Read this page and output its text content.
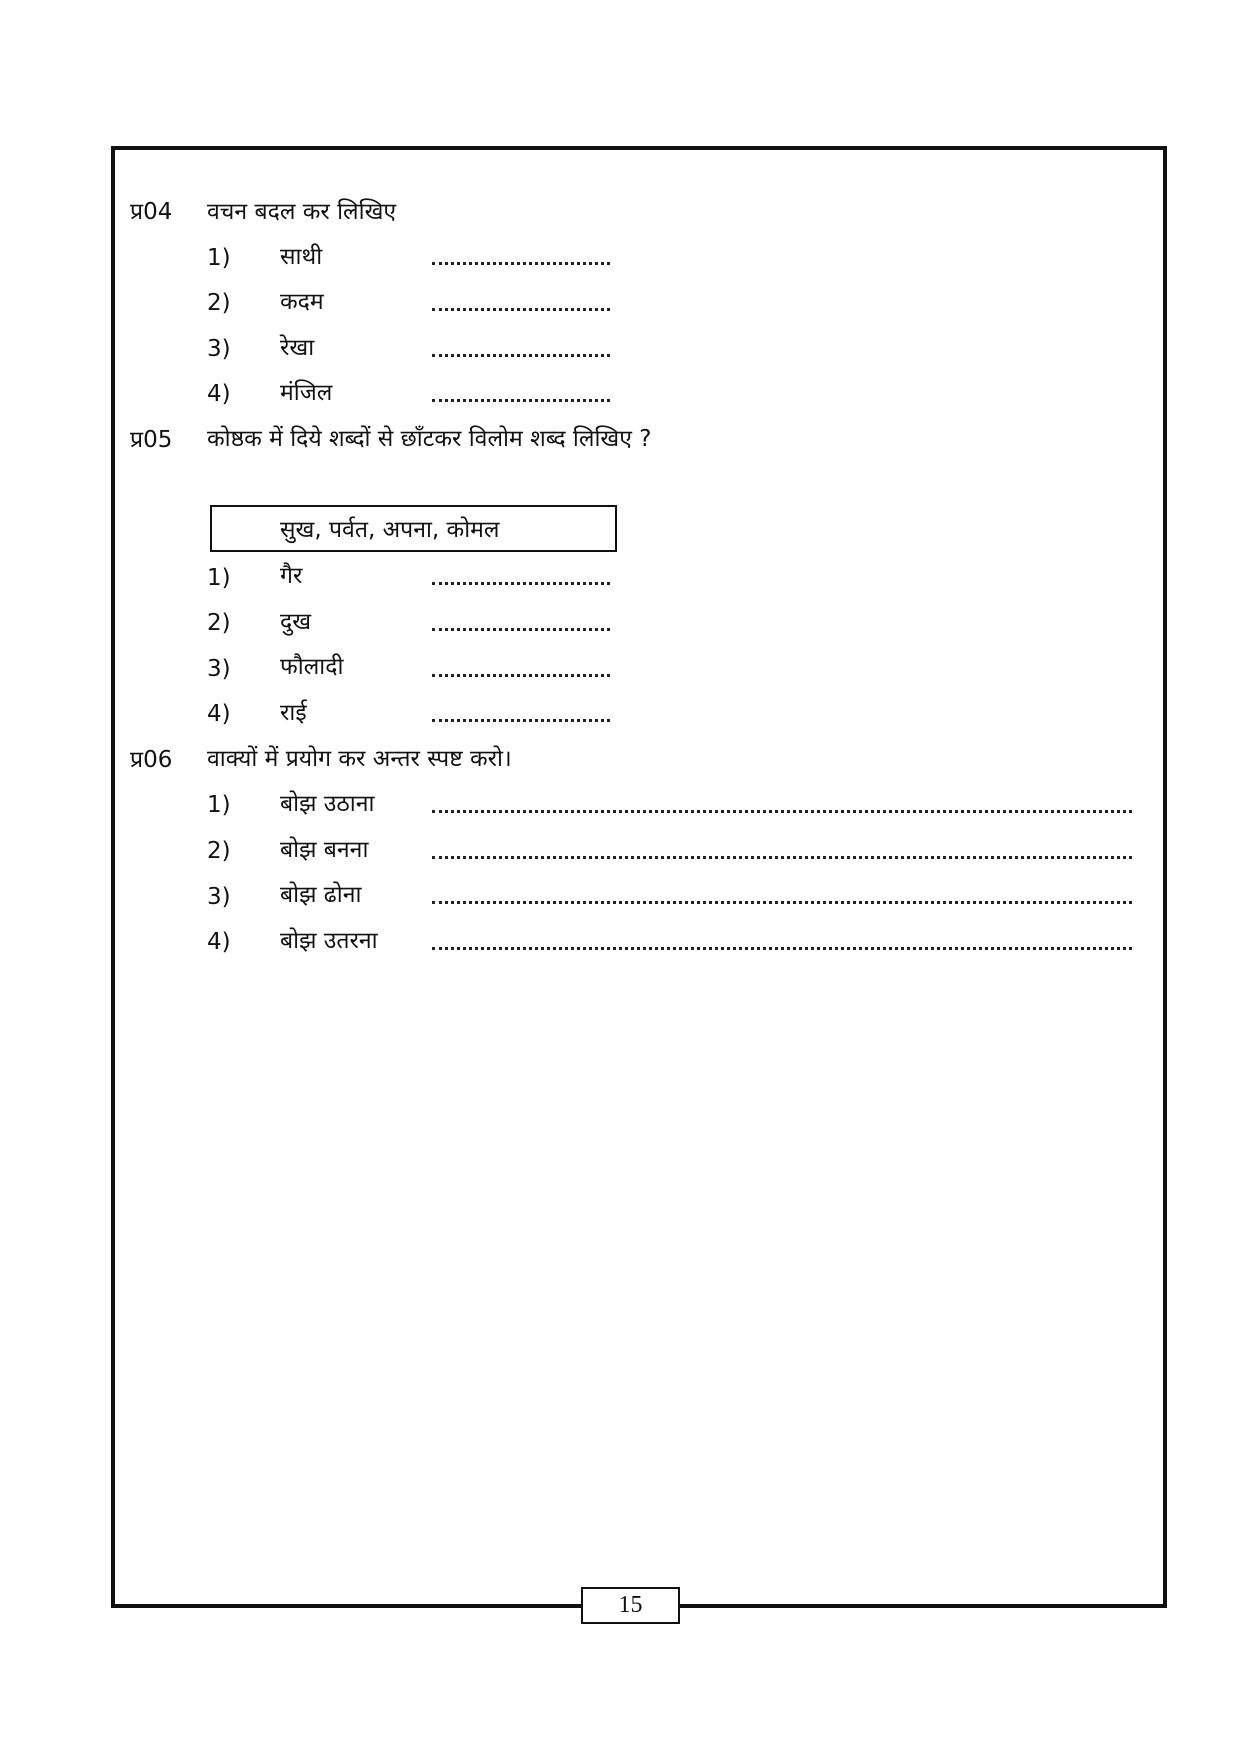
प्र04 वचन बदल कर लिखिए
1) साथी
2) कदम
3) रेखा
4) मंजिल
प्र05 कोष्ठक में दिये शब्दों से छाँटकर विलोम शब्द लिखिए ?
सुख, पर्वत, अपना, कोमल
1) गैर
2) दुख
3) फौलादी
4) राई
प्र06 वाक्यों में प्रयोग कर अन्तर स्पष्ट करो।
1) बोझ उठाना
2) बोझ बनना
3) बोझ ढोना
4) बोझ उतरना
15
